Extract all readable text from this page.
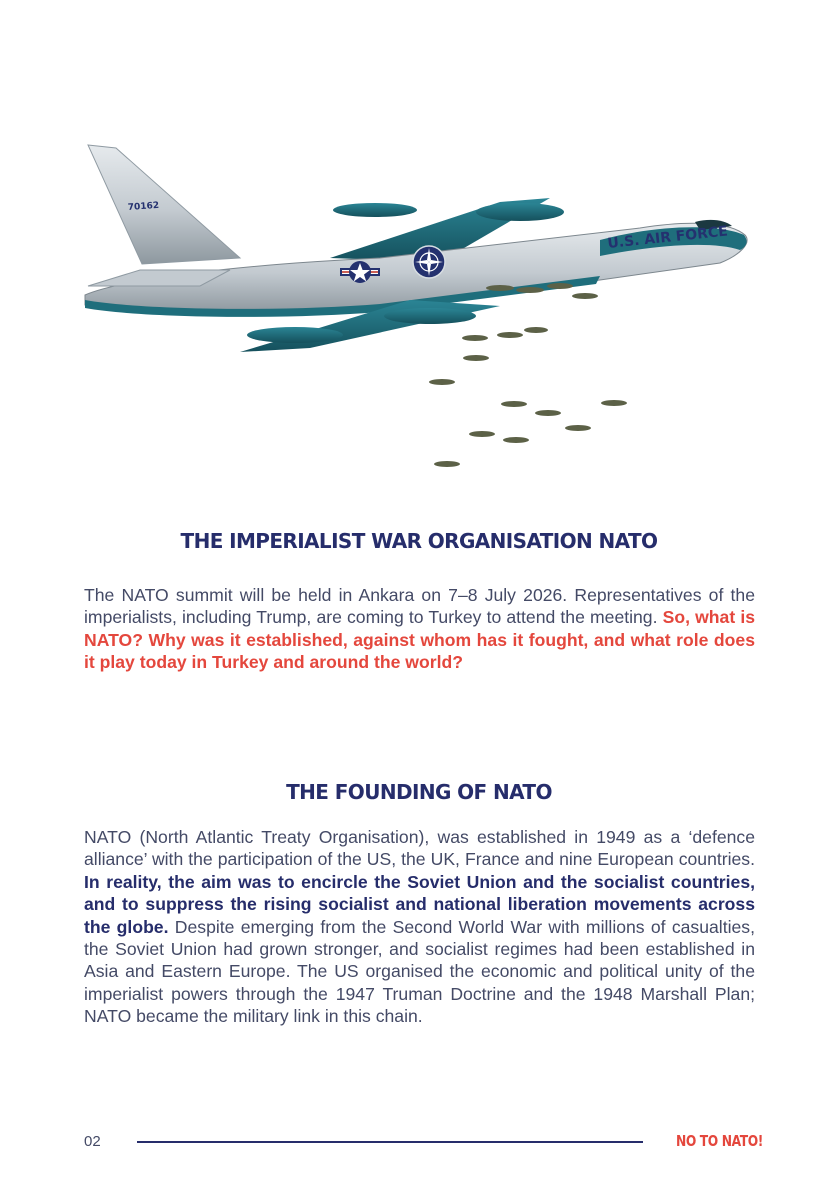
70162
U.S. AIR FORCE
THE IMPERIALIST WAR ORGANISATION NATO

The NATO summit will be held in Ankara on 7–8 July 2026. Representatives of the imperialists, including Trump, are coming to Turkey to attend the meeting. So, what is NATO? Why was it established, against whom has it fought, and what role does it play today in Turkey and around the world?

THE FOUNDING OF NATO

NATO (North Atlantic Treaty Organisation), was established in 1949 as a ‘defence alliance’ with the participation of the US, the UK, France and nine European countries. In reality, the aim was to encircle the Soviet Union and the socialist countries, and to suppress the rising socialist and national liberation movements across the globe. Despite emerging from the Second World War with millions of casualties, the Soviet Union had grown stronger, and socialist regimes had been established in Asia and Eastern Europe. The US organised the economic and political unity of the imperialist powers through the 1947 Truman Doctrine and the 1948 Marshall Plan; NATO became the military link in this chain.

02	NO TO NATO!
